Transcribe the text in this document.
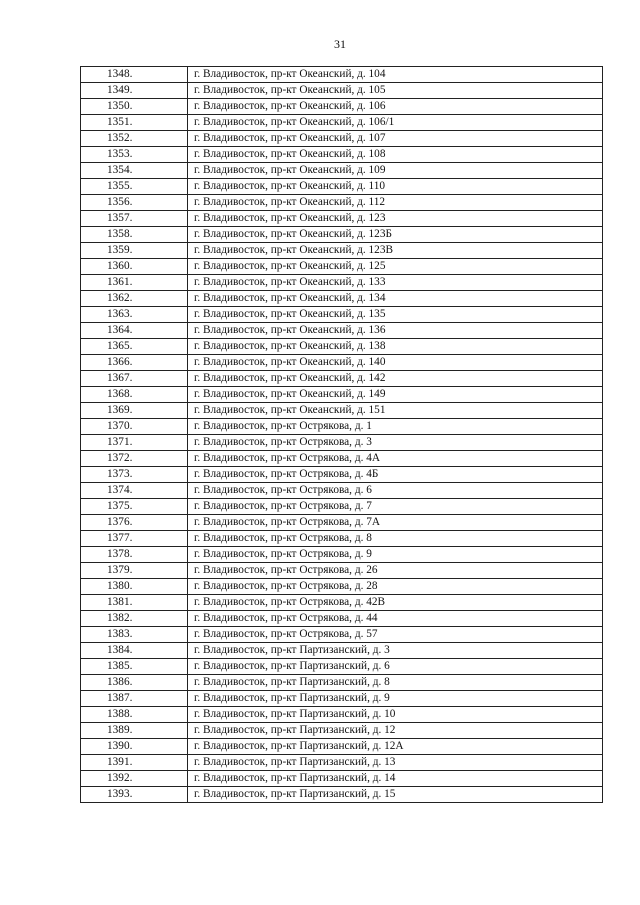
31
1348.	г. Владивосток, пр-кт Океанский, д. 104
1349.	г. Владивосток, пр-кт Океанский, д. 105
1350.	г. Владивосток, пр-кт Океанский, д. 106
1351.	г. Владивосток, пр-кт Океанский, д. 106/1
1352.	г. Владивосток, пр-кт Океанский, д. 107
1353.	г. Владивосток, пр-кт Океанский, д. 108
1354.	г. Владивосток, пр-кт Океанский, д. 109
1355.	г. Владивосток, пр-кт Океанский, д. 110
1356.	г. Владивосток, пр-кт Океанский, д. 112
1357.	г. Владивосток, пр-кт Океанский, д. 123
1358.	г. Владивосток, пр-кт Океанский, д. 123Б
1359.	г. Владивосток, пр-кт Океанский, д. 123В
1360.	г. Владивосток, пр-кт Океанский, д. 125
1361.	г. Владивосток, пр-кт Океанский, д. 133
1362.	г. Владивосток, пр-кт Океанский, д. 134
1363.	г. Владивосток, пр-кт Океанский, д. 135
1364.	г. Владивосток, пр-кт Океанский, д. 136
1365.	г. Владивосток, пр-кт Океанский, д. 138
1366.	г. Владивосток, пр-кт Океанский, д. 140
1367.	г. Владивосток, пр-кт Океанский, д. 142
1368.	г. Владивосток, пр-кт Океанский, д. 149
1369.	г. Владивосток, пр-кт Океанский, д. 151
1370.	г. Владивосток, пр-кт Острякова, д. 1
1371.	г. Владивосток, пр-кт Острякова, д. 3
1372.	г. Владивосток, пр-кт Острякова, д. 4А
1373.	г. Владивосток, пр-кт Острякова, д. 4Б
1374.	г. Владивосток, пр-кт Острякова, д. 6
1375.	г. Владивосток, пр-кт Острякова, д. 7
1376.	г. Владивосток, пр-кт Острякова, д. 7А
1377.	г. Владивосток, пр-кт Острякова, д. 8
1378.	г. Владивосток, пр-кт Острякова, д. 9
1379.	г. Владивосток, пр-кт Острякова, д. 26
1380.	г. Владивосток, пр-кт Острякова, д. 28
1381.	г. Владивосток, пр-кт Острякова, д. 42В
1382.	г. Владивосток, пр-кт Острякова, д. 44
1383.	г. Владивосток, пр-кт Острякова, д. 57
1384.	г. Владивосток, пр-кт Партизанский, д. 3
1385.	г. Владивосток, пр-кт Партизанский, д. 6
1386.	г. Владивосток, пр-кт Партизанский, д. 8
1387.	г. Владивосток, пр-кт Партизанский, д. 9
1388.	г. Владивосток, пр-кт Партизанский, д. 10
1389.	г. Владивосток, пр-кт Партизанский, д. 12
1390.	г. Владивосток, пр-кт Партизанский, д. 12А
1391.	г. Владивосток, пр-кт Партизанский, д. 13
1392.	г. Владивосток, пр-кт Партизанский, д. 14
1393.	г. Владивосток, пр-кт Партизанский, д. 15
